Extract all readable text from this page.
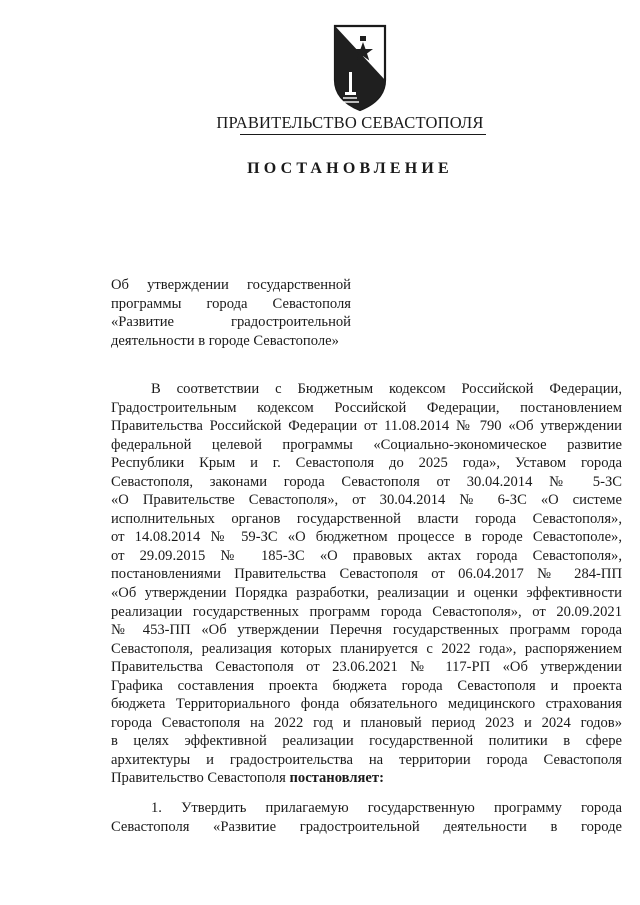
ПРАВИТЕЛЬСТВО СЕВАСТОПОЛЯ
ПОСТАНОВЛЕНИЕ
Об утверждении государственной
программы города Севастополя
«Развитие градостроительной
деятельности в городе Севастополе»
В соответствии с Бюджетным кодексом Российской Федерации,
Градостроительным кодексом Российской Федерации, постановлением
Правительства Российской Федерации от 11.08.2014 № 790 «Об утверждении
федеральной целевой программы «Социально-экономическое развитие
Республики Крым и г. Севастополя до 2025 года», Уставом города
Севастополя, законами города Севастополя от 30.04.2014 № 5-ЗС
«О Правительстве Севастополя», от 30.04.2014 № 6-ЗС «О системе
исполнительных органов государственной власти города Севастополя»,
от 14.08.2014 № 59-ЗС «О бюджетном процессе в городе Севастополе»,
от 29.09.2015 № 185-ЗС «О правовых актах города Севастополя»,
постановлениями Правительства Севастополя от 06.04.2017 № 284-ПП
«Об утверждении Порядка разработки, реализации и оценки эффективности
реализации государственных программ города Севастополя», от 20.09.2021
№ 453-ПП «Об утверждении Перечня государственных программ города
Севастополя, реализация которых планируется с 2022 года», распоряжением
Правительства Севастополя от 23.06.2021 № 117-РП «Об утверждении
Графика составления проекта бюджета города Севастополя и проекта
бюджета Территориального фонда обязательного медицинского страхования
города Севастополя на 2022 год и плановый период 2023 и 2024 годов»
в целях эффективной реализации государственной политики в сфере
архитектуры и градостроительства на территории города Севастополя
Правительство Севастополя постановляет:
1. Утвердить прилагаемую государственную программу города
Севастополя «Развитие градостроительной деятельности в городе
